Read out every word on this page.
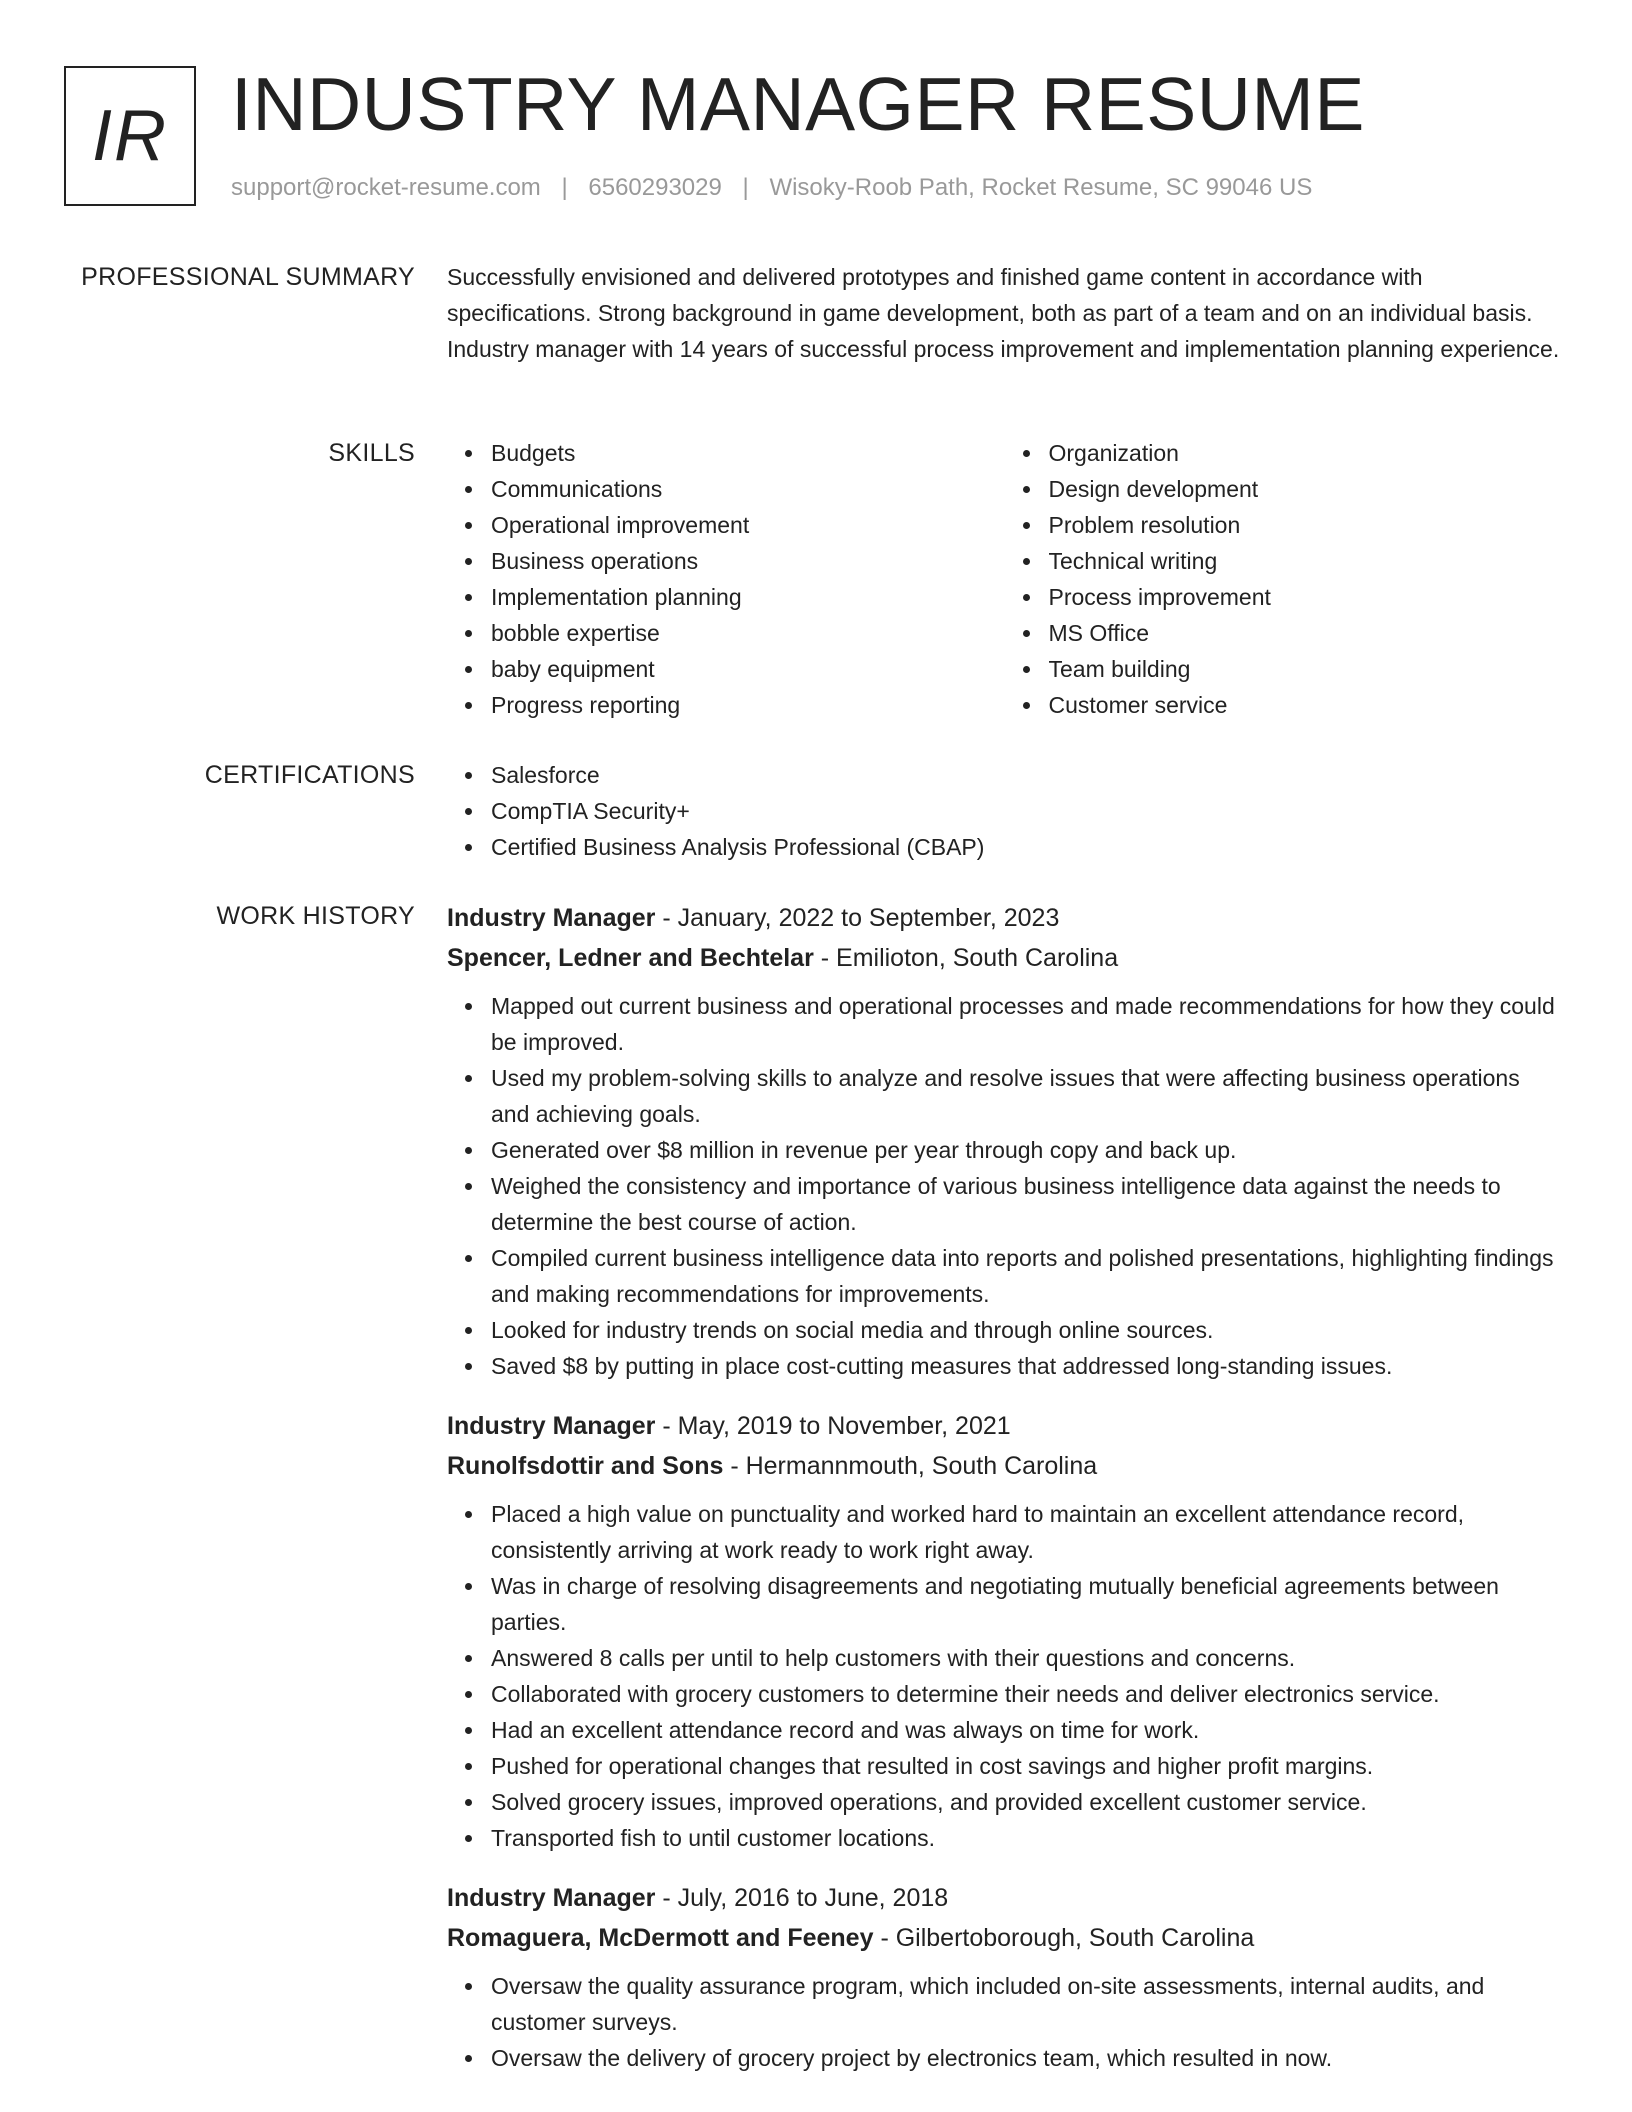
IR INDUSTRY MANAGER RESUME
support@rocket-resume.com | 6560293029 | Wisoky-Roob Path, Rocket Resume, SC 99046 US
PROFESSIONAL SUMMARY Successfully envisioned and delivered prototypes and finished game content in accordance with specifications. Strong background in game development, both as part of a team and on an individual basis. Industry manager with 14 years of successful process improvement and implementation planning experience.

SKILLS	Budgets
Communications
Operational improvement
Business operations
Implementation planning
bobble expertise
baby equipment
Progress reporting
Organization
Design development
Problem resolution
Technical writing
Process improvement
MS Office
Team building
Customer service
CERTIFICATIONS	Salesforce
CompTIA Security+
Certified Business Analysis Professional (CBAP)
WORK HISTORY Industry Manager - January, 2022 to September, 2023
Spencer, Ledner and Bechtelar - Emilioton, South Carolina
Mapped out current business and operational processes and made recommendations for how they could be improved.
Used my problem-solving skills to analyze and resolve issues that were affecting business operations and achieving goals.
Generated over $8 million in revenue per year through copy and back up.
Weighed the consistency and importance of various business intelligence data against the needs to determine the best course of action.
Compiled current business intelligence data into reports and polished presentations, highlighting findings and making recommendations for improvements.
Looked for industry trends on social media and through online sources.
Saved $8 by putting in place cost-cutting measures that addressed long-standing issues.
Industry Manager - May, 2019 to November, 2021
Runolfsdottir and Sons - Hermannmouth, South Carolina
Placed a high value on punctuality and worked hard to maintain an excellent attendance record, consistently arriving at work ready to work right away.
Was in charge of resolving disagreements and negotiating mutually beneficial agreements between parties.
Answered 8 calls per until to help customers with their questions and concerns.
Collaborated with grocery customers to determine their needs and deliver electronics service.
Had an excellent attendance record and was always on time for work.
Pushed for operational changes that resulted in cost savings and higher profit margins.
Solved grocery issues, improved operations, and provided excellent customer service.
Transported fish to until customer locations.
Industry Manager - July, 2016 to June, 2018
Romaguera, McDermott and Feeney - Gilbertoborough, South Carolina
Oversaw the quality assurance program, which included on-site assessments, internal audits, and customer surveys.
Oversaw the delivery of grocery project by electronics team, which resulted in now.
